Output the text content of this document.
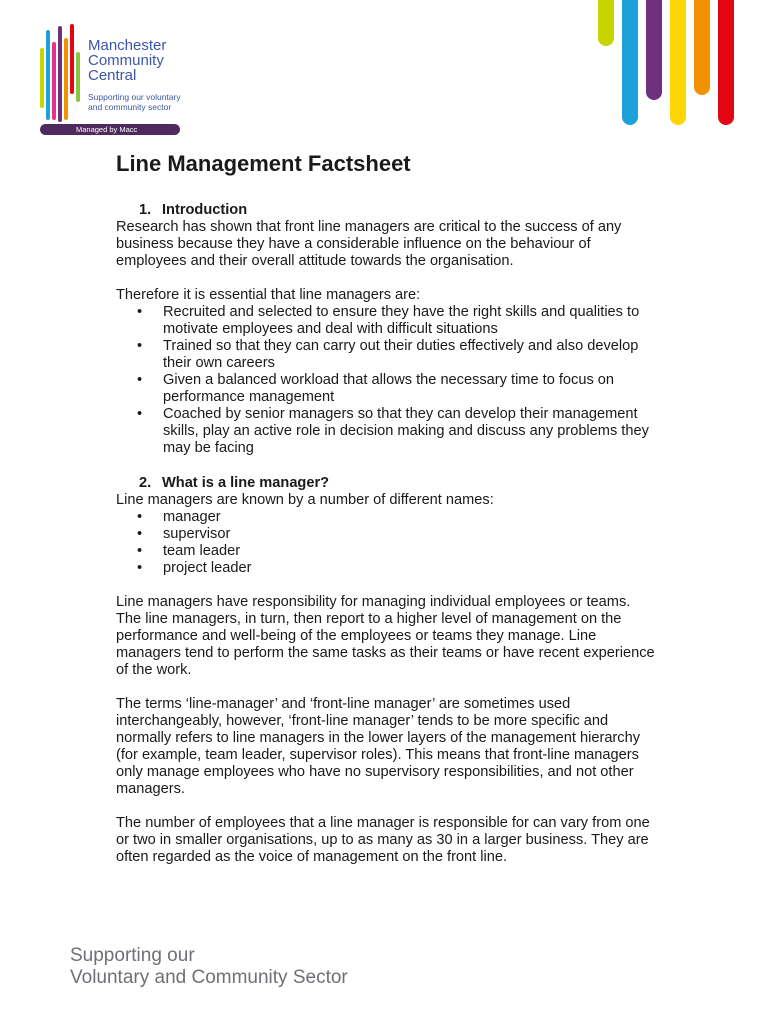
Manchester
Community
Central
Supporting our voluntary
and community sector
Managed by Macc
Line Management Factsheet
1. Introduction

Research has shown that front line managers are critical to the success of any business because they have a considerable influence on the behaviour of employees and their overall attitude towards the organisation.

Therefore it is essential that line managers are:

• Recruited and selected to ensure they have the right skills and qualities to motivate employees and deal with difficult situations
• Trained so that they can carry out their duties effectively and also develop their own careers
• Given a balanced workload that allows the necessary time to focus on performance management
• Coached by senior managers so that they can develop their management skills, play an active role in decision making and discuss any problems they may be facing
2. What is a line manager?

Line managers are known by a number of different names:

• manager
• supervisor
• team leader
• project leader

Line managers have responsibility for managing individual employees or teams. The line managers, in turn, then report to a higher level of management on the performance and well-being of the employees or teams they manage. Line managers tend to perform the same tasks as their teams or have recent experience of the work.

The terms ‘line-manager’ and ‘front-line manager’ are sometimes used interchangeably, however, ‘front-line manager’ tends to be more specific and normally refers to line managers in the lower layers of the management hierarchy (for example, team leader, supervisor roles). This means that front-line managers only manage employees who have no supervisory responsibilities, and not other managers.

The number of employees that a line manager is responsible for can vary from one or two in smaller organisations, up to as many as 30 in a larger business. They are often regarded as the voice of management on the front line.

Supporting our
Voluntary and Community Sector
